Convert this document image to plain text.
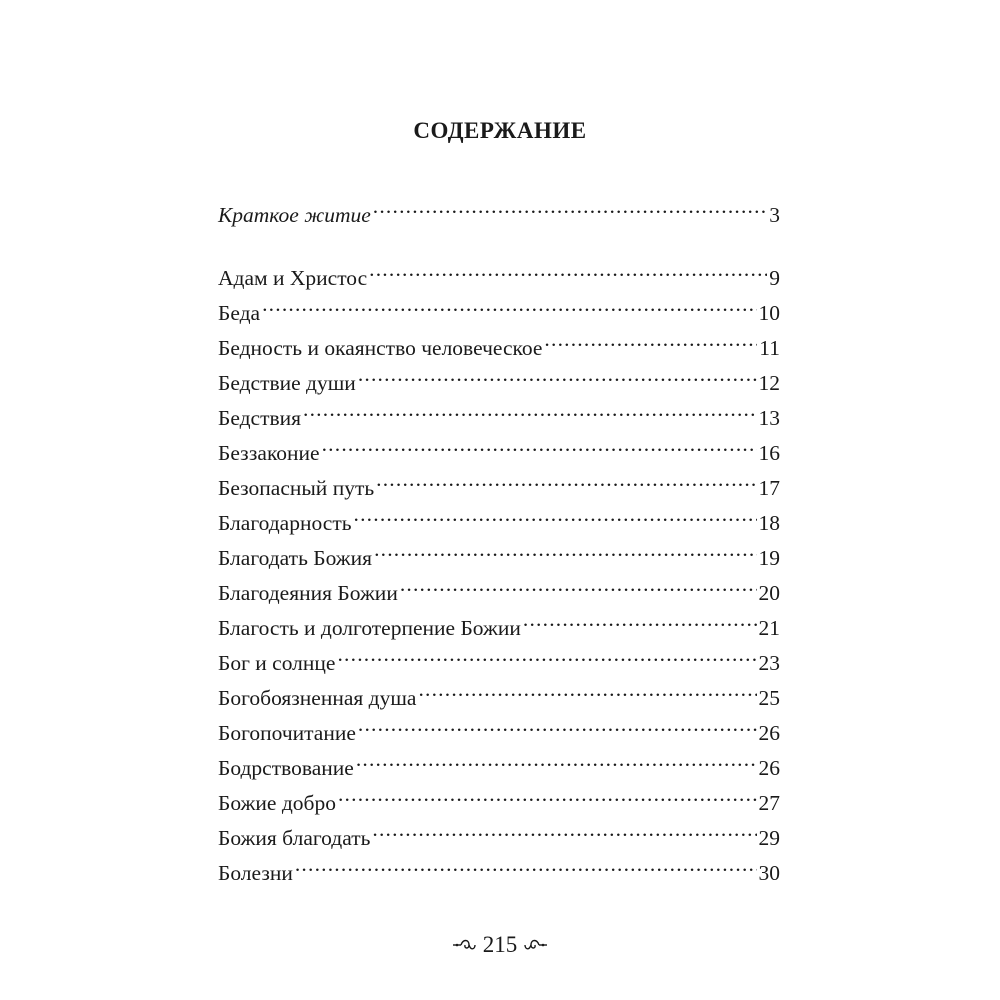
СОДЕРЖАНИЕ
Краткое житие .....	3
Адам и Христос .....	9
Беда .....	10
Бедность и окаянство человеческое .....	11
Бедствие души .....	12
Бедствия .....	13
Беззаконие .....	16
Безопасный путь .....	17
Благодарность .....	18
Благодать Божия .....	19
Благодеяния Божии .....	20
Благость и долготерпение Божии .....	21
Бог и солнце .....	23
Богобоязненная душа .....	25
Богопочитание .....	26
Бодрствование .....	26
Божие добро .....	27
Божия благодать .....	29
Болезни .....	30
215
